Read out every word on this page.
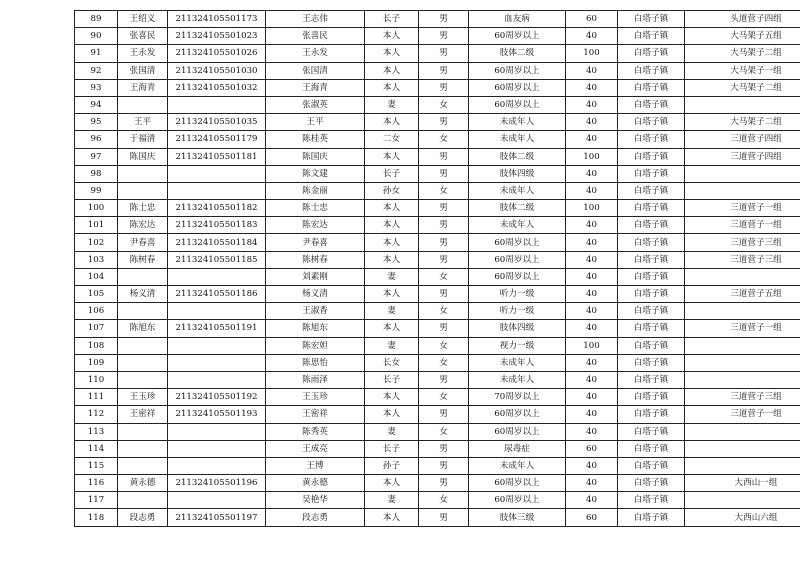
89	王绍义	211324105501173	王志伟	长子	男	血友病	60	白塔子镇	头道营子四组
90	张喜民	211324105501023	张喜民	本人	男	60周岁以上	40	白塔子镇	大马架子五组
91	王永发	211324105501026	王永发	本人	男	肢体二级	100	白塔子镇	大马架子二组
92	张国清	211324105501030	张国清	本人	男	60周岁以上	40	白塔子镇	大马架子一组
93	王海青	211324105501032	王海青	本人	男	60周岁以上	40	白塔子镇	大马架子二组
94			张淑英	妻	女	60周岁以上	40	白塔子镇	
95	王平	211324105501035	王平	本人	男	未成年人	40	白塔子镇	大马架子二组
96	于福清	211324105501179	陈桂英	二女	女	未成年人	40	白塔子镇	三道营子四组
97	陈国庆	211324105501181	陈国庆	本人	男	肢体二级	100	白塔子镇	三道营子四组
98			陈文建	长子	男	肢体四级	40	白塔子镇	
99			陈金丽	孙女	女	未成年人	40	白塔子镇	
100	陈士忠	211324105501182	陈士忠	本人	男	肢体二级	100	白塔子镇	三道营子一组
101	陈宏达	211324105501183	陈宏达	本人	男	未成年人	40	白塔子镇	三道营子一组
102	尹春喜	211324105501184	尹春喜	本人	男	60周岁以上	40	白塔子镇	三道营子三组
103	陈树春	211324105501185	陈树春	本人	男	60周岁以上	40	白塔子镇	三道营子三组
104			刘素刚	妻	女	60周岁以上	40	白塔子镇	
105	杨义清	211324105501186	杨义清	本人	男	听力一级	40	白塔子镇	三道营子五组
106			王淑香	妻	女	听力一级	40	白塔子镇	
107	陈旭东	211324105501191	陈旭东	本人	男	肢体四级	40	白塔子镇	三道营子一组
108			陈宏妲	妻	女	视力一级	100	白塔子镇	
109			陈思怡	长女	女	未成年人	40	白塔子镇	
110			陈雨泽	长子	男	未成年人	40	白塔子镇	
111	王玉珍	211324105501192	王玉珍	本人	女	70周岁以上	40	白塔子镇	三道营子三组
112	王密祥	211324105501193	王密祥	本人	男	60周岁以上	40	白塔子镇	三道营子一组
113			陈秀英	妻	女	60周岁以上	40	白塔子镇	
114			王成亮	长子	男	尿毒症	60	白塔子镇	
115			王博	孙子	男	未成年人	40	白塔子镇	
116	黄永德	211324105501196	黄永德	本人	男	60周岁以上	40	白塔子镇	大西山一组
117			吴艳华	妻	女	60周岁以上	40	白塔子镇	
118	段志勇	211324105501197	段志勇	本人	男	肢体三级	60	白塔子镇	大西山六组
